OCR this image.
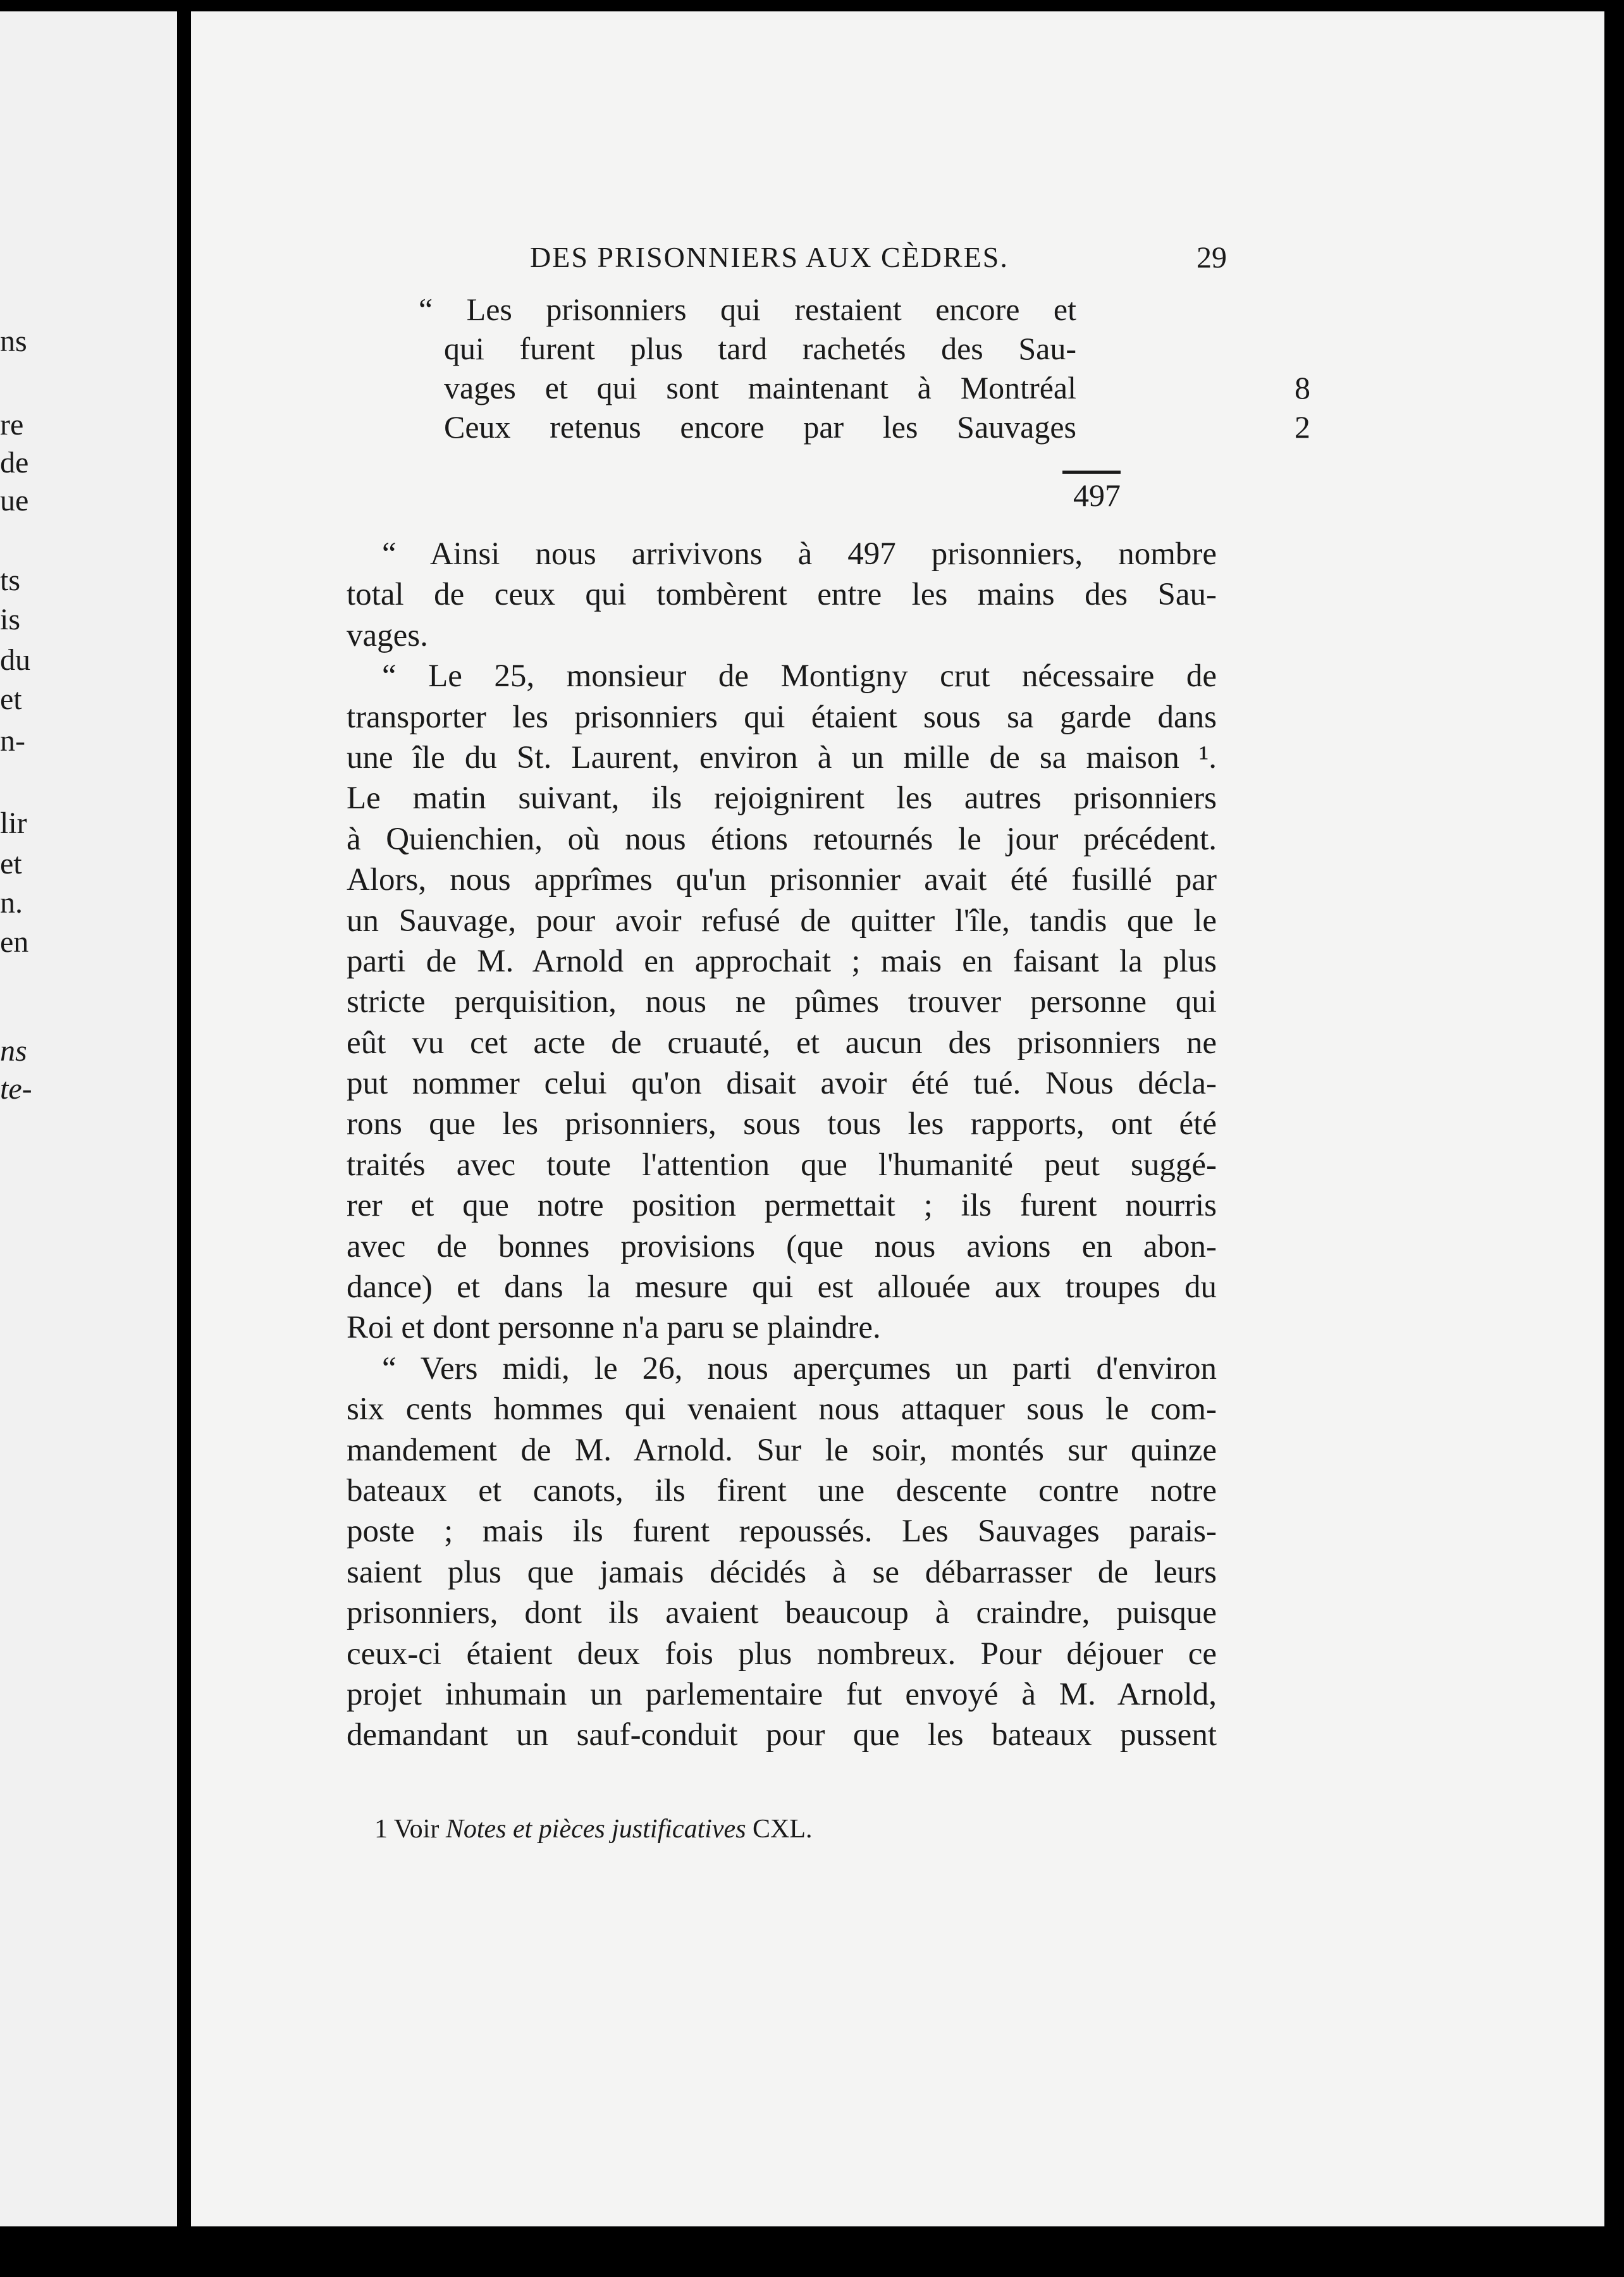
ns
re
de
ue
ts
is
du
et
n-
lir
et
n.
en
ns
te-
DES PRISONNIERS AUX CÈDRES.	29
“ Les prisonniers qui restaient encore et
qui furent plus tard rachetés des Sau-
vages et qui sont maintenant à Montréal	8
Ceux retenus encore par les Sauvages	2
497
“ Ainsi nous arrivivons à 497 prisonniers, nombre
total de ceux qui tombèrent entre les mains des Sau-
vages.
“ Le 25, monsieur de Montigny crut nécessaire de
transporter les prisonniers qui étaient sous sa garde dans
une île du St. Laurent, environ à un mille de sa maison ¹.
Le matin suivant, ils rejoignirent les autres prisonniers
à Quienchien, où nous étions retournés le jour précédent.
Alors, nous apprîmes qu'un prisonnier avait été fusillé par
un Sauvage, pour avoir refusé de quitter l'île, tandis que le
parti de M. Arnold en approchait ; mais en faisant la plus
stricte perquisition, nous ne pûmes trouver personne qui
eût vu cet acte de cruauté, et aucun des prisonniers ne
put nommer celui qu'on disait avoir été tué. Nous décla-
rons que les prisonniers, sous tous les rapports, ont été
traités avec toute l'attention que l'humanité peut suggé-
rer et que notre position permettait ; ils furent nourris
avec de bonnes provisions (que nous avions en abon-
dance) et dans la mesure qui est allouée aux troupes du
Roi et dont personne n'a paru se plaindre.
“ Vers midi, le 26, nous aperçumes un parti d'environ
six cents hommes qui venaient nous attaquer sous le com-
mandement de M. Arnold. Sur le soir, montés sur quinze
bateaux et canots, ils firent une descente contre notre
poste ; mais ils furent repoussés. Les Sauvages parais-
saient plus que jamais décidés à se débarrasser de leurs
prisonniers, dont ils avaient beaucoup à craindre, puisque
ceux-ci étaient deux fois plus nombreux. Pour déjouer ce
projet inhumain un parlementaire fut envoyé à M. Arnold,
demandant un sauf-conduit pour que les bateaux pussent
1 Voir Notes et pièces justificatives CXL.
